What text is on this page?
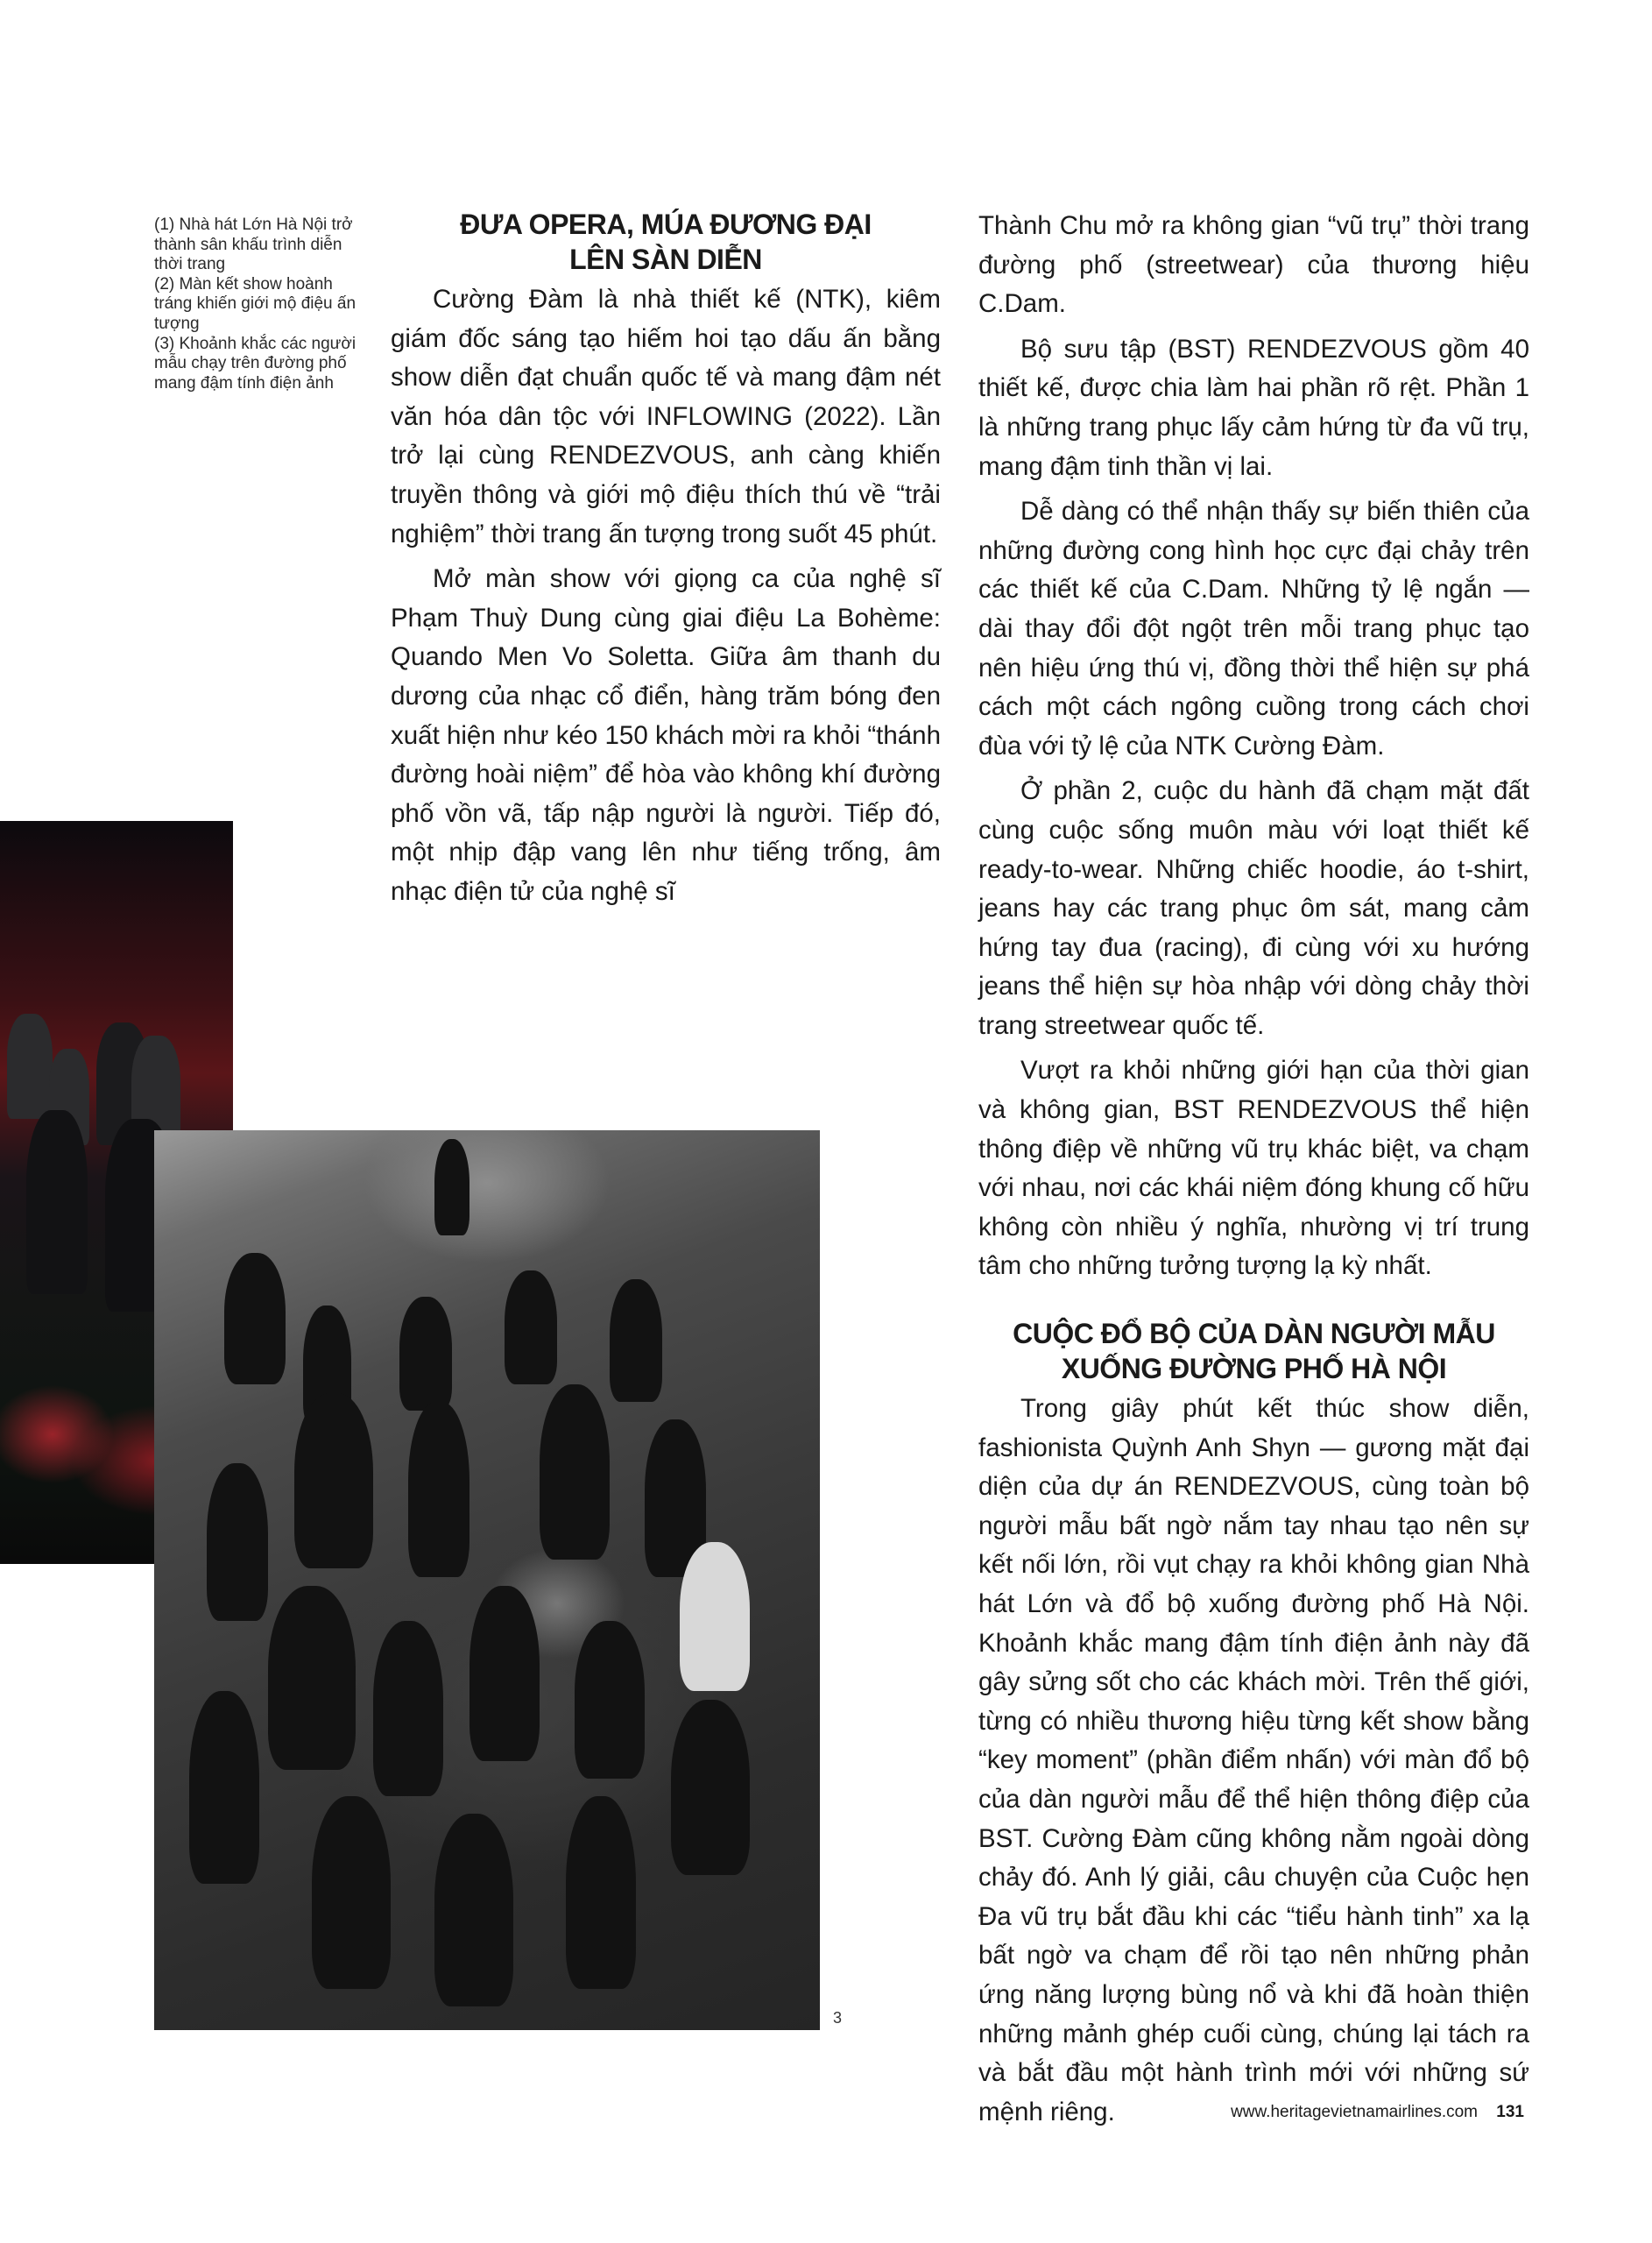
(1) Nhà hát Lớn Hà Nội trở thành sân khấu trình diễn thời trang

(2) Màn kết show hoành tráng khiến giới mộ điệu ấn tượng

(3) Khoảnh khắc các người mẫu chạy trên đường phố mang đậm tính điện ảnh

3
ĐƯA OPERA, MÚA ĐƯƠNG ĐẠI
LÊN SÀN DIỄN

Cường Đàm là nhà thiết kế (NTK), kiêm giám đốc sáng tạo hiếm hoi tạo dấu ấn bằng show diễn đạt chuẩn quốc tế và mang đậm nét văn hóa dân tộc với INFLOWING (2022). Lần trở lại cùng RENDEZVOUS, anh càng khiến truyền thông và giới mộ điệu thích thú về “trải nghiệm” thời trang ấn tượng trong suốt 45 phút.

Mở màn show với giọng ca của nghệ sĩ Phạm Thuỳ Dung cùng giai điệu La Bohème: Quando Men Vo Soletta. Giữa âm thanh du dương của nhạc cổ điển, hàng trăm bóng đen xuất hiện như kéo 150 khách mời ra khỏi “thánh đường hoài niệm” để hòa vào không khí đường phố vồn vã, tấp nập người là người. Tiếp đó, một nhịp đập vang lên như tiếng trống, âm nhạc điện tử của nghệ sĩ

Thành Chu mở ra không gian “vũ trụ” thời trang đường phố (streetwear) của thương hiệu C.Dam.

Bộ sưu tập (BST) RENDEZVOUS gồm 40 thiết kế, được chia làm hai phần rõ rệt. Phần 1 là những trang phục lấy cảm hứng từ đa vũ trụ, mang đậm tinh thần vị lai.

Dễ dàng có thể nhận thấy sự biến thiên của những đường cong hình học cực đại chảy trên các thiết kế của C.Dam. Những tỷ lệ ngắn — dài thay đổi đột ngột trên mỗi trang phục tạo nên hiệu ứng thú vị, đồng thời thể hiện sự phá cách một cách ngông cuồng trong cách chơi đùa với tỷ lệ của NTK Cường Đàm.

Ở phần 2, cuộc du hành đã chạm mặt đất cùng cuộc sống muôn màu với loạt thiết kế ready-to-wear. Những chiếc hoodie, áo t-shirt, jeans hay các trang phục ôm sát, mang cảm hứng tay đua (racing), đi cùng với xu hướng jeans thể hiện sự hòa nhập với dòng chảy thời trang streetwear quốc tế.

Vượt ra khỏi những giới hạn của thời gian và không gian, BST RENDEZVOUS thể hiện thông điệp về những vũ trụ khác biệt, va chạm với nhau, nơi các khái niệm đóng khung cố hữu không còn nhiều ý nghĩa, nhường vị trí trung tâm cho những tưởng tượng lạ kỳ nhất.

CUỘC ĐỔ BỘ CỦA DÀN NGƯỜI MẪU
XUỐNG ĐƯỜNG PHỐ HÀ NỘI

Trong giây phút kết thúc show diễn, fashionista Quỳnh Anh Shyn — gương mặt đại diện của dự án RENDEZVOUS, cùng toàn bộ người mẫu bất ngờ nắm tay nhau tạo nên sự kết nối lớn, rồi vụt chạy ra khỏi không gian Nhà hát Lớn và đổ bộ xuống đường phố Hà Nội. Khoảnh khắc mang đậm tính điện ảnh này đã gây sửng sốt cho các khách mời. Trên thế giới, từng có nhiều thương hiệu từng kết show bằng “key moment” (phần điểm nhấn) với màn đổ bộ của dàn người mẫu để thể hiện thông điệp của BST. Cường Đàm cũng không nằm ngoài dòng chảy đó. Anh lý giải, câu chuyện của Cuộc hẹn Đa vũ trụ bắt đầu khi các “tiểu hành tinh” xa lạ bất ngờ va chạm để rồi tạo nên những phản ứng năng lượng bùng nổ và khi đã hoàn thiện những mảnh ghép cuối cùng, chúng lại tách ra và bắt đầu một hành trình mới với những sứ mệnh riêng.	www.heritagevietnamairlines.com 131
